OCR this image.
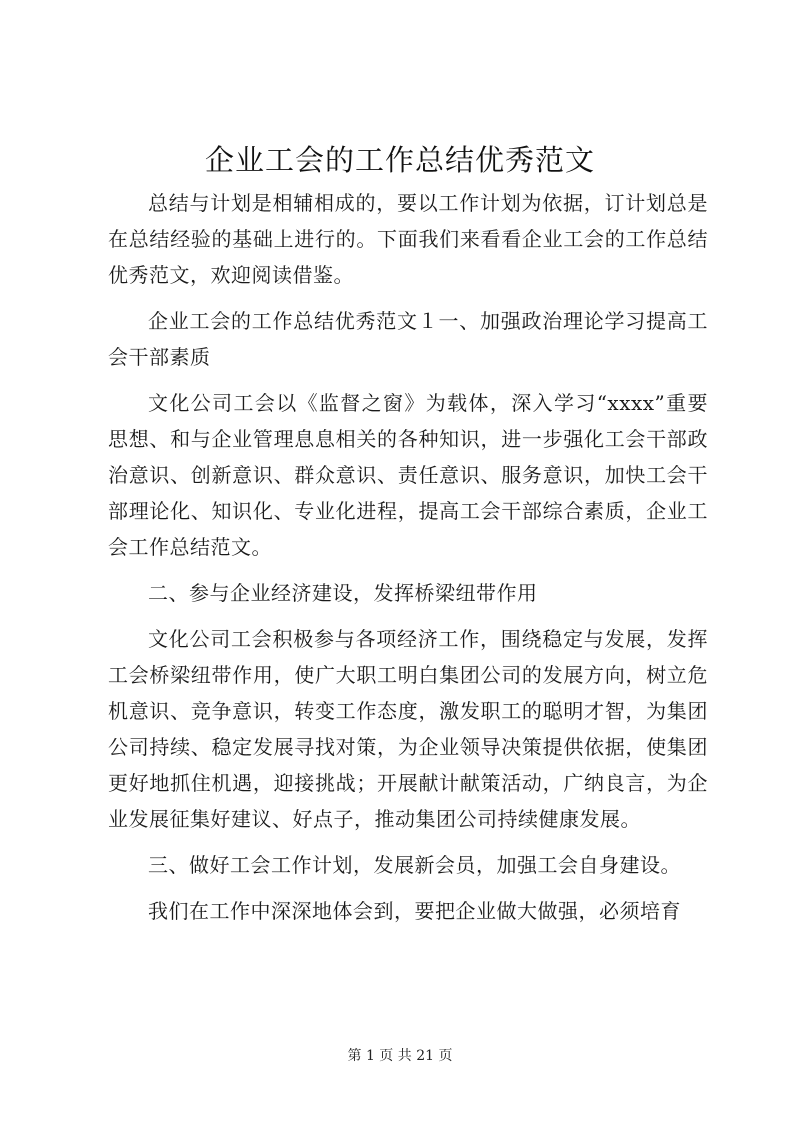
企业工会的工作总结优秀范文

总结与计划是相辅相成的，要以工作计划为依据，订计划总是在总结经验的基础上进行的。下面我们来看看企业工会的工作总结优秀范文，欢迎阅读借鉴。

企业工会的工作总结优秀范文１一、加强政治理论学习提高工会干部素质

文化公司工会以《监督之窗》为载体，深入学习“xxxx”重要思想、和与企业管理息息相关的各种知识，进一步强化工会干部政治意识、创新意识、群众意识、责任意识、服务意识，加快工会干部理论化、知识化、专业化进程，提高工会干部综合素质，企业工会工作总结范文。

二、参与企业经济建设，发挥桥梁纽带作用

文化公司工会积极参与各项经济工作，围绕稳定与发展，发挥工会桥梁纽带作用，使广大职工明白集团公司的发展方向，树立危机意识、竞争意识，转变工作态度，激发职工的聪明才智，为集团公司持续、稳定发展寻找对策，为企业领导决策提供依据，使集团更好地抓住机遇，迎接挑战；开展献计献策活动，广纳良言，为企业发展征集好建议、好点子，推动集团公司持续健康发展。

三、做好工会工作计划，发展新会员，加强工会自身建设。

我们在工作中深深地体会到，要把企业做大做强，必须培育

第 1 页 共 21 页
